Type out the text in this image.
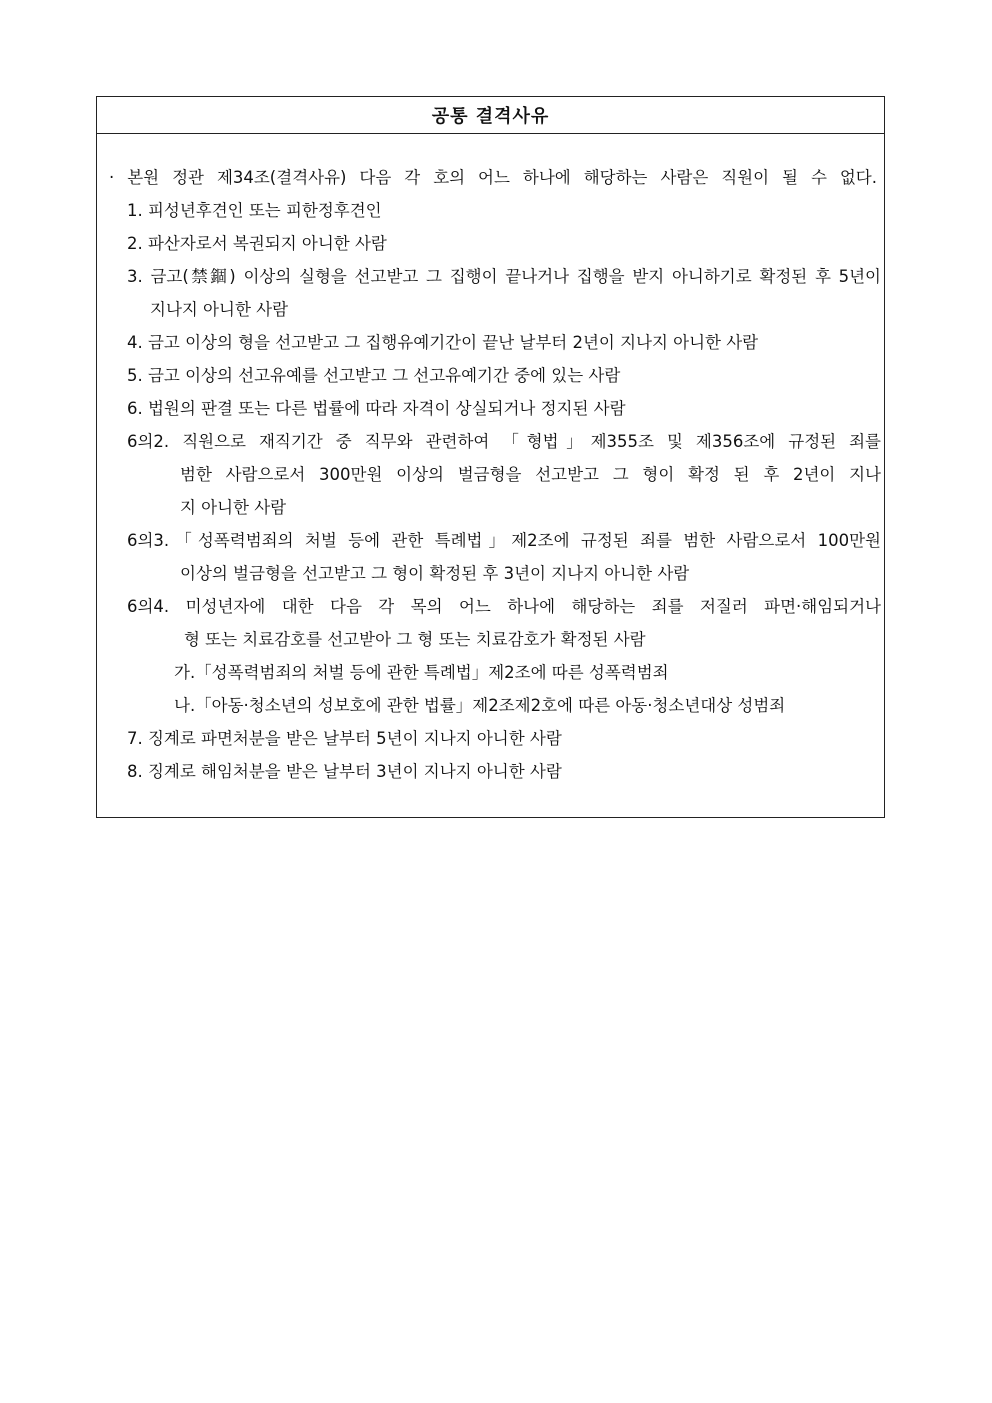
공통 결격사유
· 본원 정관 제34조(결격사유) 다음 각 호의 어느 하나에 해당하는 사람은 직원이 될 수 없다.
1. 피성년후견인 또는 피한정후견인
2. 파산자로서 복권되지 아니한 사람
3. 금고(禁錮) 이상의 실형을 선고받고 그 집행이 끝나거나 집행을 받지 아니하기로 확정된 후 5년이
지나지 아니한 사람
4. 금고 이상의 형을 선고받고 그 집행유예기간이 끝난 날부터 2년이 지나지 아니한 사람
5. 금고 이상의 선고유예를 선고받고 그 선고유예기간 중에 있는 사람
6. 법원의 판결 또는 다른 법률에 따라 자격이 상실되거나 정지된 사람
6의2. 직원으로 재직기간 중 직무와 관련하여 「형법」제355조 및 제356조에 규정된 죄를
범한 사람으로서 300만원 이상의 벌금형을 선고받고 그 형이 확정 된 후 2년이 지나
지 아니한 사람
6의3.「성폭력범죄의 처벌 등에 관한 특례법」제2조에 규정된 죄를 범한 사람으로서 100만원
이상의 벌금형을 선고받고 그 형이 확정된 후 3년이 지나지 아니한 사람
6의4. 미성년자에 대한 다음 각 목의 어느 하나에 해당하는 죄를 저질러 파면·해임되거나
형 또는 치료감호를 선고받아 그 형 또는 치료감호가 확정된 사람
가.「성폭력범죄의 처벌 등에 관한 특례법」제2조에 따른 성폭력범죄
나.「아동·청소년의 성보호에 관한 법률」제2조제2호에 따른 아동·청소년대상 성범죄
7. 징계로 파면처분을 받은 날부터 5년이 지나지 아니한 사람
8. 징계로 해임처분을 받은 날부터 3년이 지나지 아니한 사람
